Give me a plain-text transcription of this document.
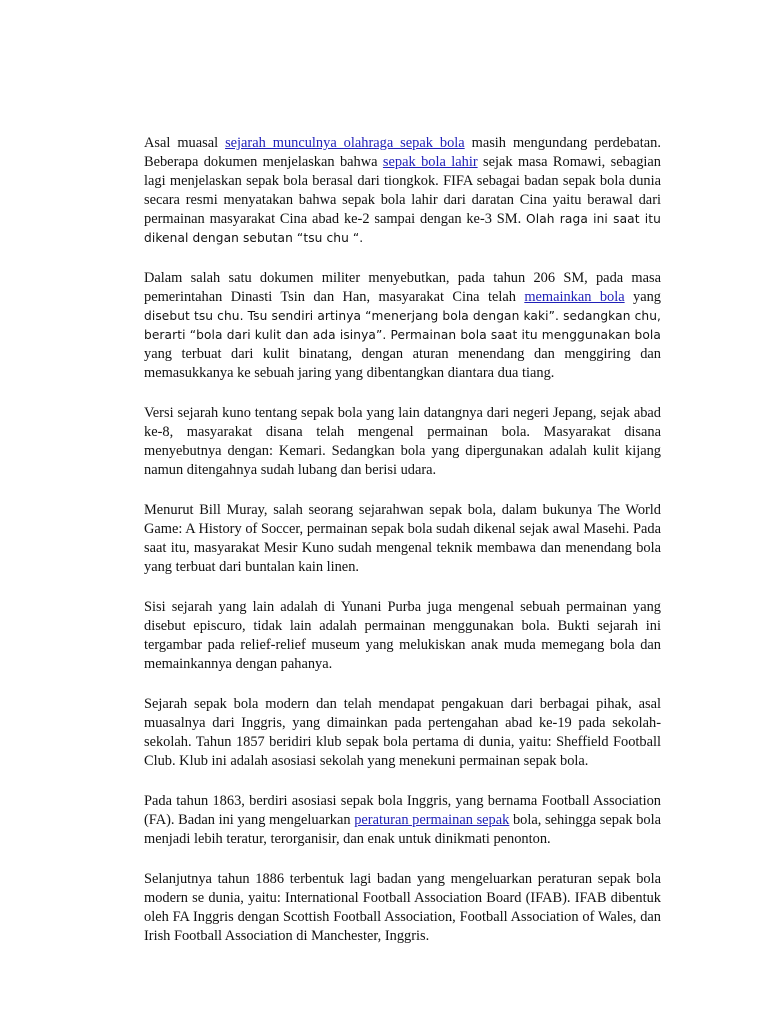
Asal muasal sejarah munculnya olahraga sepak bola masih mengundang perdebatan. Beberapa dokumen menjelaskan bahwa sepak bola lahir sejak masa Romawi, sebagian lagi menjelaskan sepak bola berasal dari tiongkok. FIFA sebagai badan sepak bola dunia secara resmi menyatakan bahwa sepak bola lahir dari daratan Cina yaitu berawal dari permainan masyarakat Cina abad ke-2 sampai dengan ke-3 SM. Olah raga ini saat itu dikenal dengan sebutan “tsu chu “.

Dalam salah satu dokumen militer menyebutkan, pada tahun 206 SM, pada masa pemerintahan Dinasti Tsin dan Han, masyarakat Cina telah memainkan bola yang disebut tsu chu. Tsu sendiri artinya “menerjang bola dengan kaki”. sedangkan chu, berarti “bola dari kulit dan ada isinya”. Permainan bola saat itu menggunakan bola yang terbuat dari kulit binatang, dengan aturan menendang dan menggiring dan memasukkanya ke sebuah jaring yang dibentangkan diantara dua tiang.

Versi sejarah kuno tentang sepak bola yang lain datangnya dari negeri Jepang, sejak abad ke-8, masyarakat disana telah mengenal permainan bola. Masyarakat disana menyebutnya dengan: Kemari. Sedangkan bola yang dipergunakan adalah kulit kijang namun ditengahnya sudah lubang dan berisi udara.

Menurut Bill Muray, salah seorang sejarahwan sepak bola, dalam bukunya The World Game: A History of Soccer, permainan sepak bola sudah dikenal sejak awal Masehi. Pada saat itu, masyarakat Mesir Kuno sudah mengenal teknik membawa dan menendang bola yang terbuat dari buntalan kain linen.

Sisi sejarah yang lain adalah di Yunani Purba juga mengenal sebuah permainan yang disebut episcuro, tidak lain adalah permainan menggunakan bola. Bukti sejarah ini tergambar pada relief-relief museum yang melukiskan anak muda memegang bola dan memainkannya dengan pahanya.

Sejarah sepak bola modern dan telah mendapat pengakuan dari berbagai pihak, asal muasalnya dari Inggris, yang dimainkan pada pertengahan abad ke-19 pada sekolah-sekolah. Tahun 1857 beridiri klub sepak bola pertama di dunia, yaitu: Sheffield Football Club. Klub ini adalah asosiasi sekolah yang menekuni permainan sepak bola.

Pada tahun 1863, berdiri asosiasi sepak bola Inggris, yang bernama Football Association (FA). Badan ini yang mengeluarkan peraturan permainan sepak bola, sehingga sepak bola menjadi lebih teratur, terorganisir, dan enak untuk dinikmati penonton.

Selanjutnya tahun 1886 terbentuk lagi badan yang mengeluarkan peraturan sepak bola modern se dunia, yaitu: International Football Association Board (IFAB). IFAB dibentuk oleh FA Inggris dengan Scottish Football Association, Football Association of Wales, dan Irish Football Association di Manchester, Inggris.
